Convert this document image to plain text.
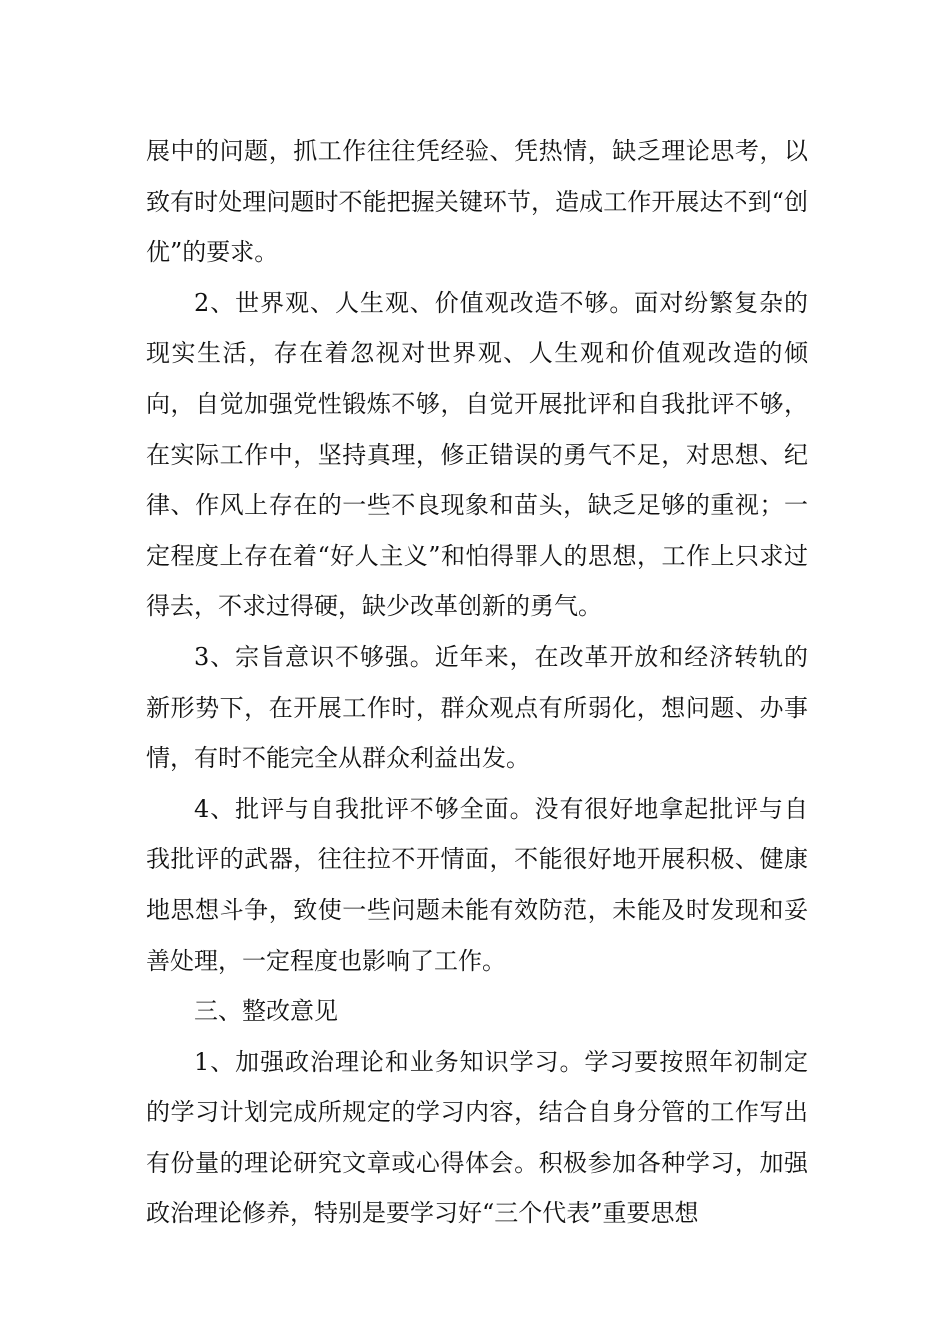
展中的问题，抓工作往往凭经验、凭热情，缺乏理论思考，以致有时处理问题时不能把握关键环节，造成工作开展达不到“创优”的要求。

2、世界观、人生观、价值观改造不够。面对纷繁复杂的现实生活，存在着忽视对世界观、人生观和价值观改造的倾向，自觉加强党性锻炼不够，自觉开展批评和自我批评不够，在实际工作中，坚持真理，修正错误的勇气不足，对思想、纪律、作风上存在的一些不良现象和苗头，缺乏足够的重视；一定程度上存在着“好人主义”和怕得罪人的思想，工作上只求过得去，不求过得硬，缺少改革创新的勇气。

3、宗旨意识不够强。近年来，在改革开放和经济转轨的新形势下，在开展工作时，群众观点有所弱化，想问题、办事情，有时不能完全从群众利益出发。

4、批评与自我批评不够全面。没有很好地拿起批评与自我批评的武器，往往拉不开情面，不能很好地开展积极、健康地思想斗争，致使一些问题未能有效防范，未能及时发现和妥善处理，一定程度也影响了工作。

三、整改意见

1、加强政治理论和业务知识学习。学习要按照年初制定的学习计划完成所规定的学习内容，结合自身分管的工作写出有份量的理论研究文章或心得体会。积极参加各种学习，加强政治理论修养，特别是要学习好“三个代表”重要思想
